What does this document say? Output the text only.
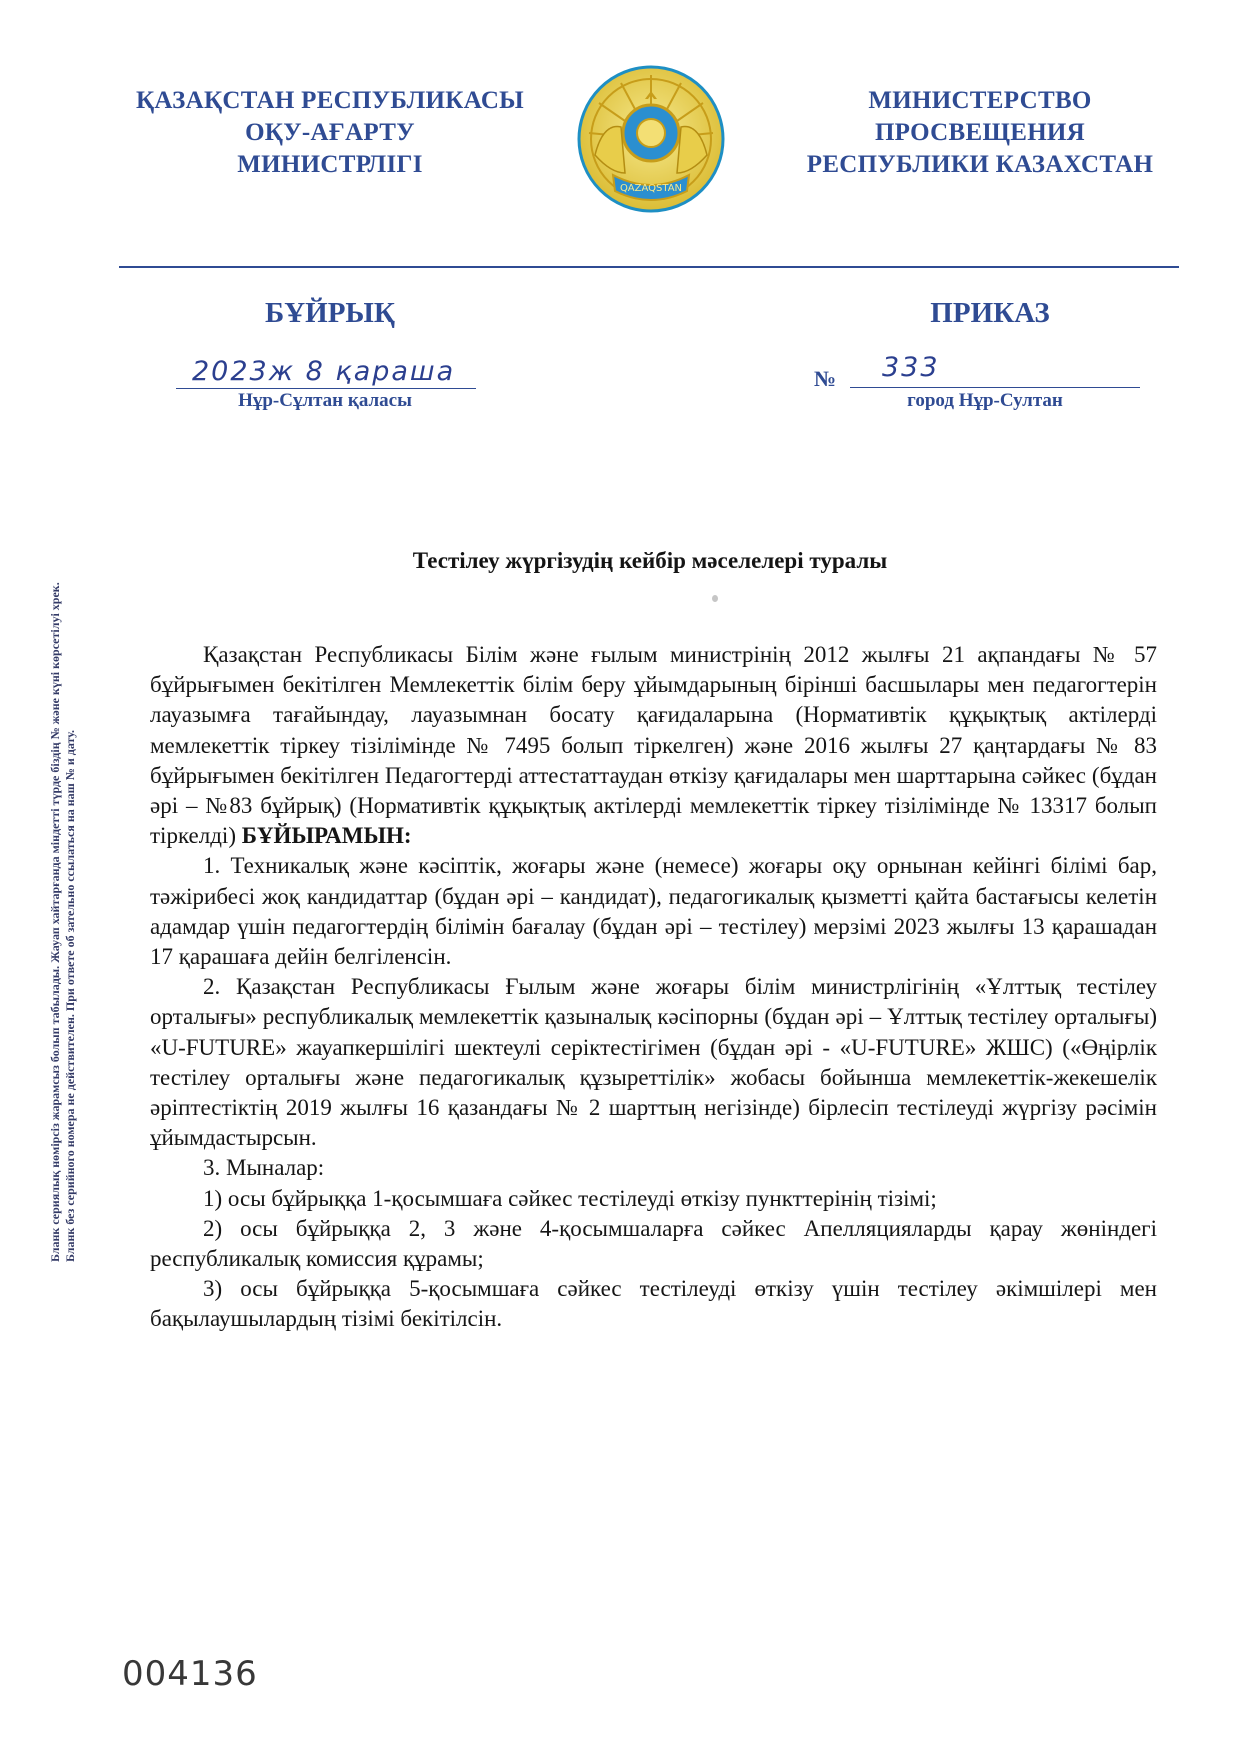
ҚАЗАҚСТАН РЕСПУБЛИКАСЫ
ОҚУ-АҒАРТУ
МИНИСТРЛІГІ
QAZAQSTAN
МИНИСТЕРСТВО
ПРОСВЕЩЕНИЯ
РЕСПУБЛИКИ КАЗАХСТАН
БҰЙРЫҚ	ПРИКАЗ
2023ж 8 қараша	№ 333
Нұр-Сұлтан қаласы	город Нұр-Султан
Бланк сериялық нөмірсіз жарамсыз болып табылады. Жауап хайтарғанда міндетті түрде біздің № және күні көрсетілуі хрек. Бланк без серийного номера не действителен. При ответе об зательно ссылаться на наш № и дату.
Тестілеу жүргізудің кейбір мәселелері туралы

Қазақстан Республикасы Білім және ғылым министрінің 2012 жылғы 21 ақпандағы № 57 бұйрығымен бекітілген Мемлекеттік білім беру ұйымдарының бірінші басшылары мен педагогтерін лауазымға тағайындау, лауазымнан босату қағидаларына (Нормативтік құқықтық актілерді мемлекеттік тіркеу тізілімінде № 7495 болып тіркелген) және 2016 жылғы 27 қаңтардағы № 83 бұйрығымен бекітілген Педагогтерді аттестаттаудан өткізу қағидалары мен шарттарына сәйкес (бұдан әрі – №83 бұйрық) (Нормативтік құқықтық актілерді мемлекеттік тіркеу тізілімінде № 13317 болып тіркелді) БҰЙЫРАМЫН:

1. Техникалық және кәсіптік, жоғары және (немесе) жоғары оқу орнынан кейінгі білімі бар, тәжірибесі жоқ кандидаттар (бұдан әрі – кандидат), педагогикалық қызметті қайта бастағысы келетін адамдар үшін педагогтердің білімін бағалау (бұдан әрі – тестілеу) мерзімі 2023 жылғы 13 қарашадан 17 қарашаға дейін белгіленсін.

2. Қазақстан Республикасы Ғылым және жоғары білім министрлігінің «Ұлттық тестілеу орталығы» республикалық мемлекеттік қазыналық кәсіпорны (бұдан әрі – Ұлттық тестілеу орталығы) «U-FUTURE» жауапкершілігі шектеулі серіктестігімен (бұдан әрі - «U-FUTURE» ЖШС) («Өңірлік тестілеу орталығы және педагогикалық құзыреттілік» жобасы бойынша мемлекеттік-жекешелік әріптестіктің 2019 жылғы 16 қазандағы № 2 шарттың негізінде) бірлесіп тестілеуді жүргізу рәсімін ұйымдастырсын.

3. Мыналар:

1) осы бұйрыққа 1-қосымшаға сәйкес тестілеуді өткізу пункттерінің тізімі;

2) осы бұйрыққа 2, 3 және 4-қосымшаларға сәйкес Апелляцияларды қарау жөніндегі республикалық комиссия құрамы;

3) осы бұйрыққа 5-қосымшаға сәйкес тестілеуді өткізу үшін тестілеу әкімшілері мен бақылаушылардың тізімі бекітілсін.

004136
